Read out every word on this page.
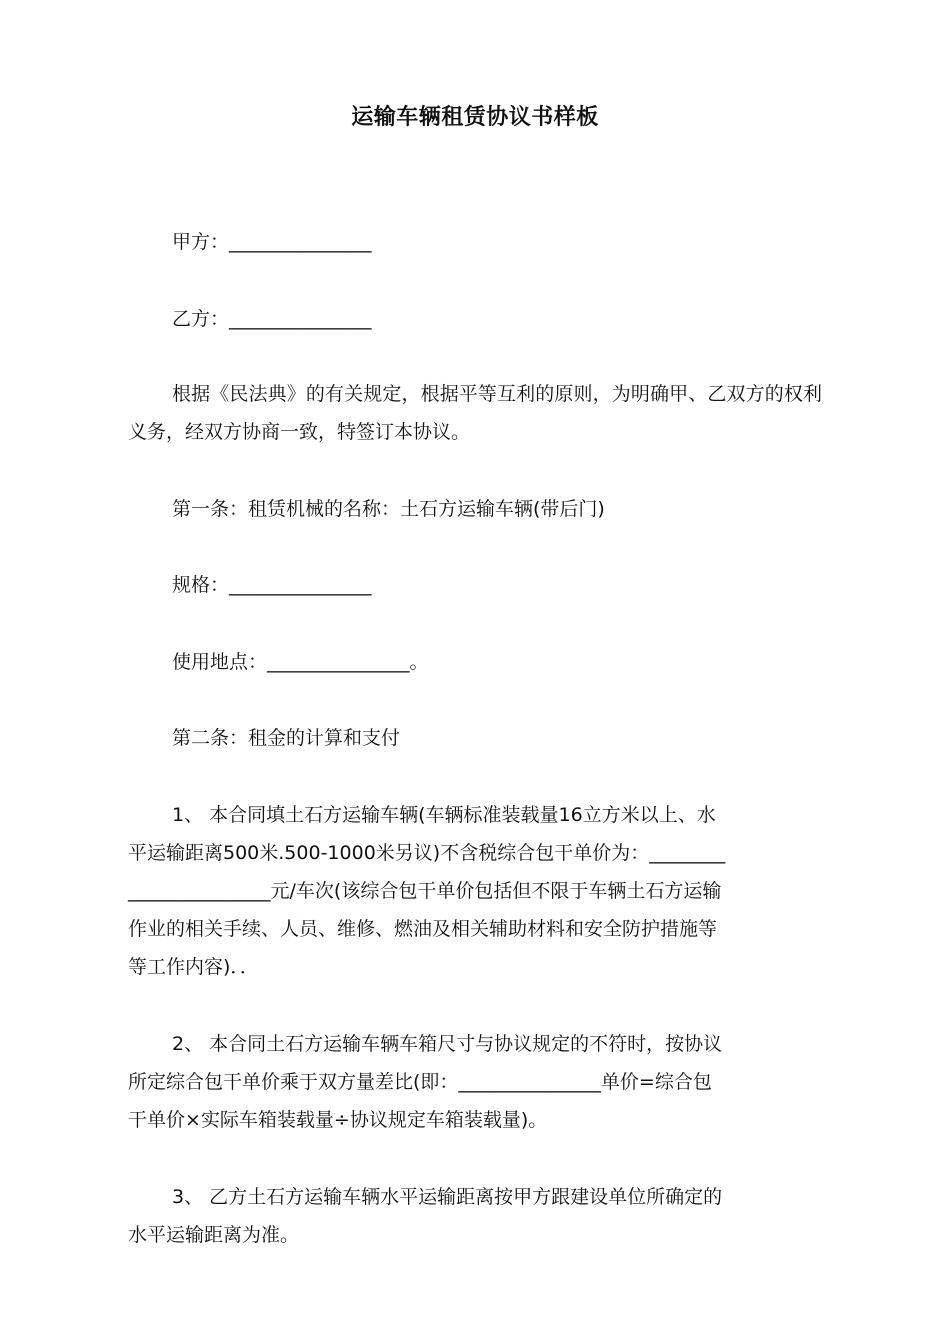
运输车辆租赁协议书样板

甲方：_______________

乙方：_______________

根据《民法典》的有关规定，根据平等互利的原则，为明确甲、乙双方的权利义务，经双方协商一致，特签订本协议。

第一条：租赁机械的名称：土石方运输车辆(带后门)

规格：_______________

使用地点：_______________。

第二条：租金的计算和支付

1、 本合同填土石方运输车辆(车辆标准装载量16立方米以上、水

平运输距离500米.500-1000米另议)不含税综合包干单价为：________

_______________元/车次(该综合包干单价包括但不限于车辆土石方运输

作业的相关手续、人员、维修、燃油及相关辅助材料和安全防护措施等

等工作内容)．．

2、 本合同土石方运输车辆车箱尺寸与协议规定的不符时，按协议

所定综合包干单价乘于双方量差比(即：_______________单价=综合包

干单价×实际车箱装载量÷协议规定车箱装载量)。

3、 乙方土石方运输车辆水平运输距离按甲方跟建设单位所确定的

水平运输距离为准。
